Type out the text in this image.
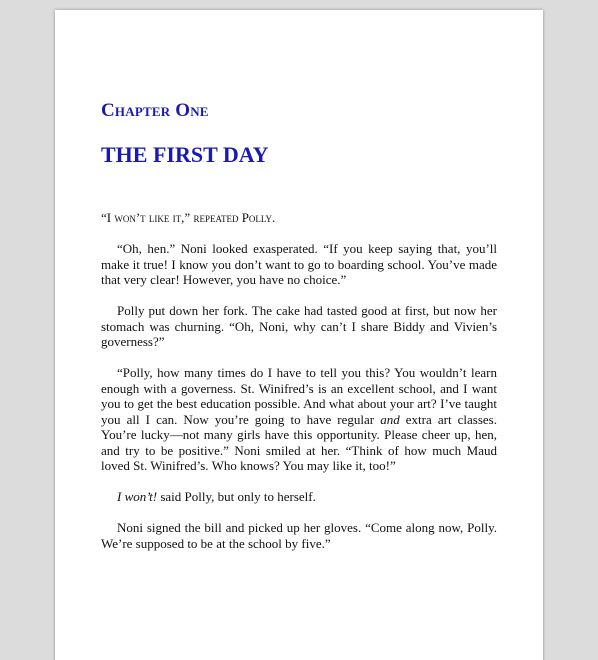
Chapter One
THE FIRST DAY

“I won’t like it,” repeated Polly.

“Oh, hen.” Noni looked exasperated. “If you keep saying that, you’ll make it true! I know you don’t want to go to boarding school. You’ve made that very clear! However, you have no choice.”

Polly put down her fork. The cake had tasted good at first, but now her stomach was churning. “Oh, Noni, why can’t I share Biddy and Vivien’s governess?”

“Polly, how many times do I have to tell you this? You wouldn’t learn enough with a governess. St. Winifred’s is an excellent school, and I want you to get the best education possible. And what about your art? I’ve taught you all I can. Now you’re going to have regular and extra art classes. You’re lucky—not many girls have this opportunity. Please cheer up, hen, and try to be positive.” Noni smiled at her. “Think of how much Maud loved St. Winifred’s. Who knows? You may like it, too!”

I won’t! said Polly, but only to herself.

Noni signed the bill and picked up her gloves. “Come along now, Polly. We’re supposed to be at the school by five.”
